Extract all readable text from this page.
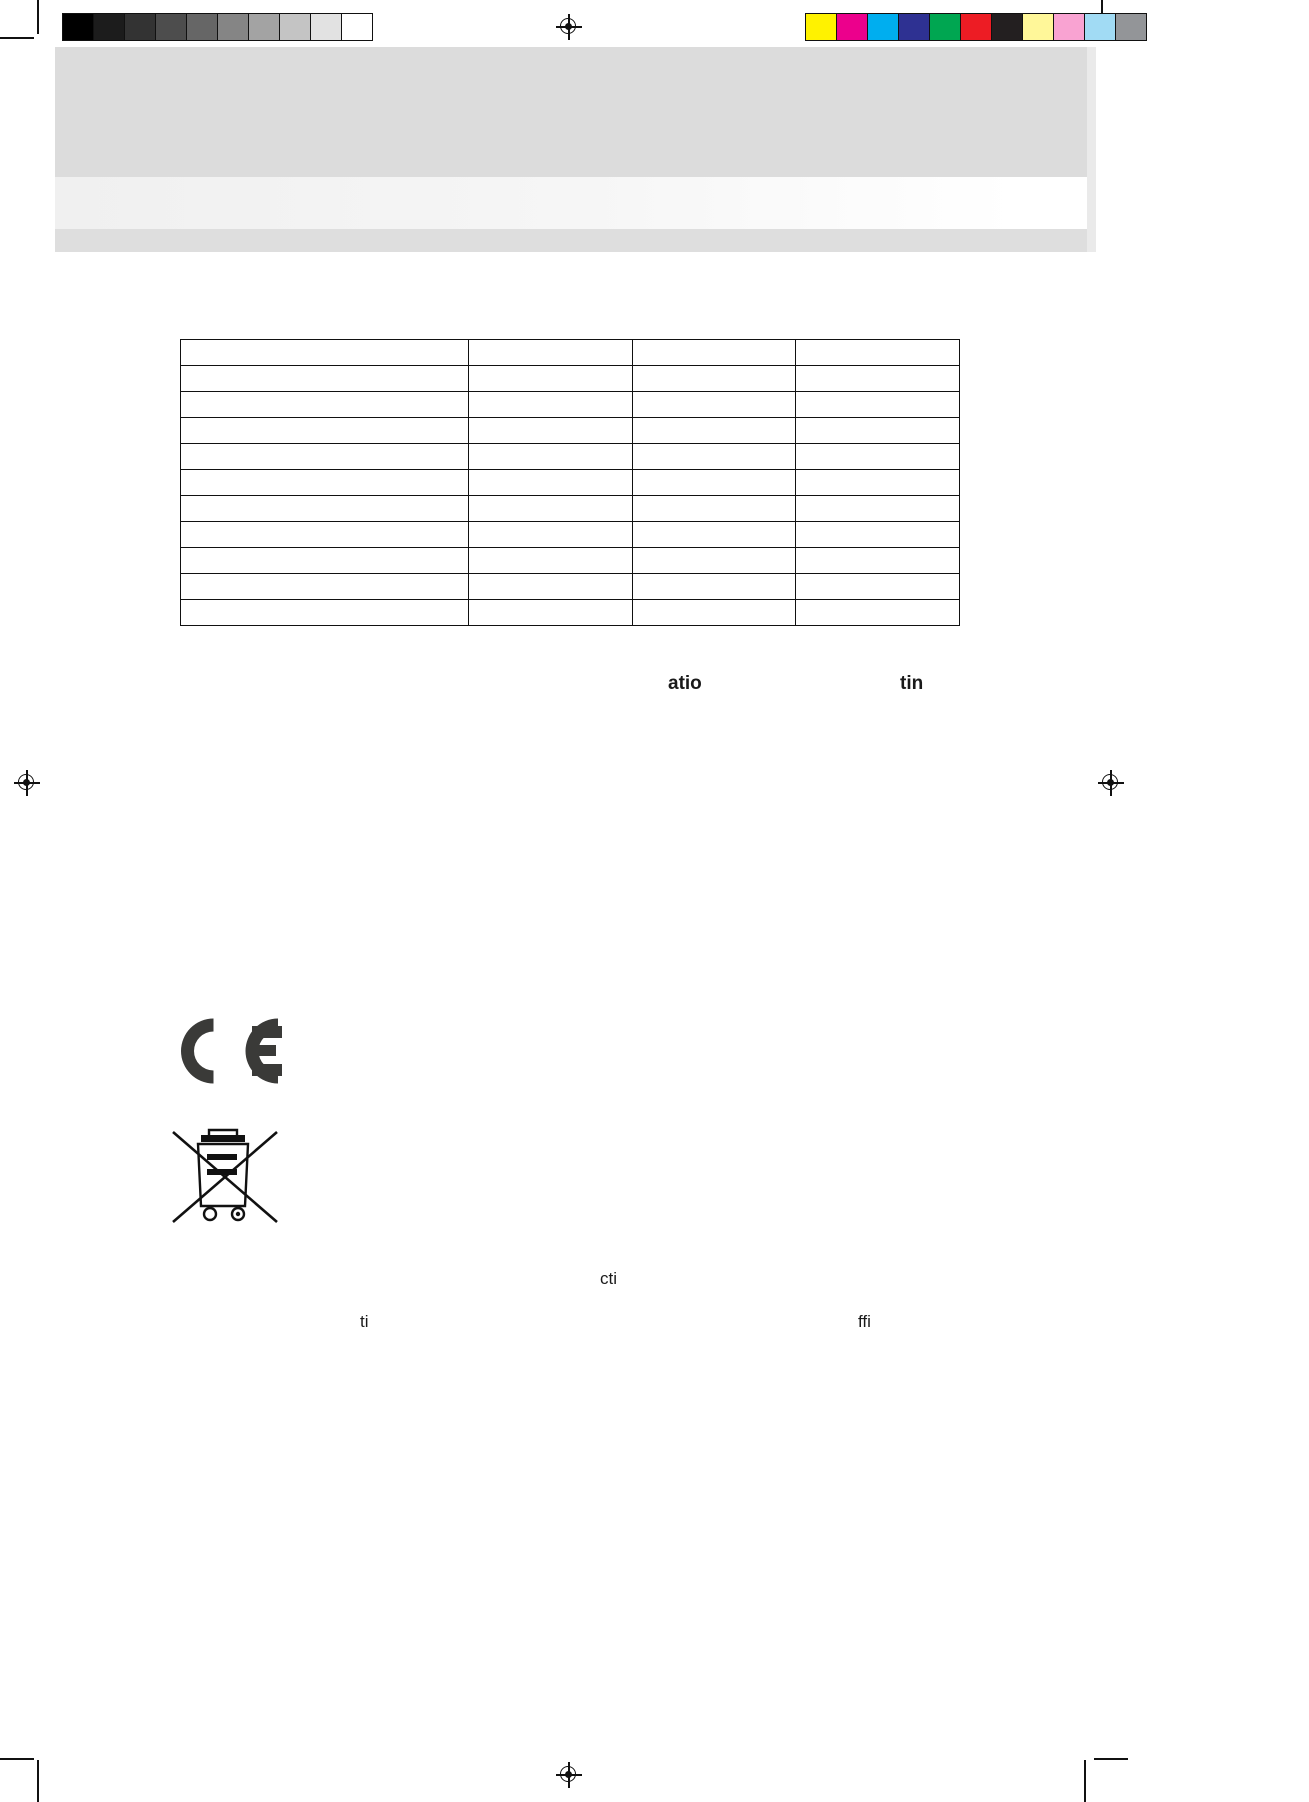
atio	tin
cti
ti	ffi
